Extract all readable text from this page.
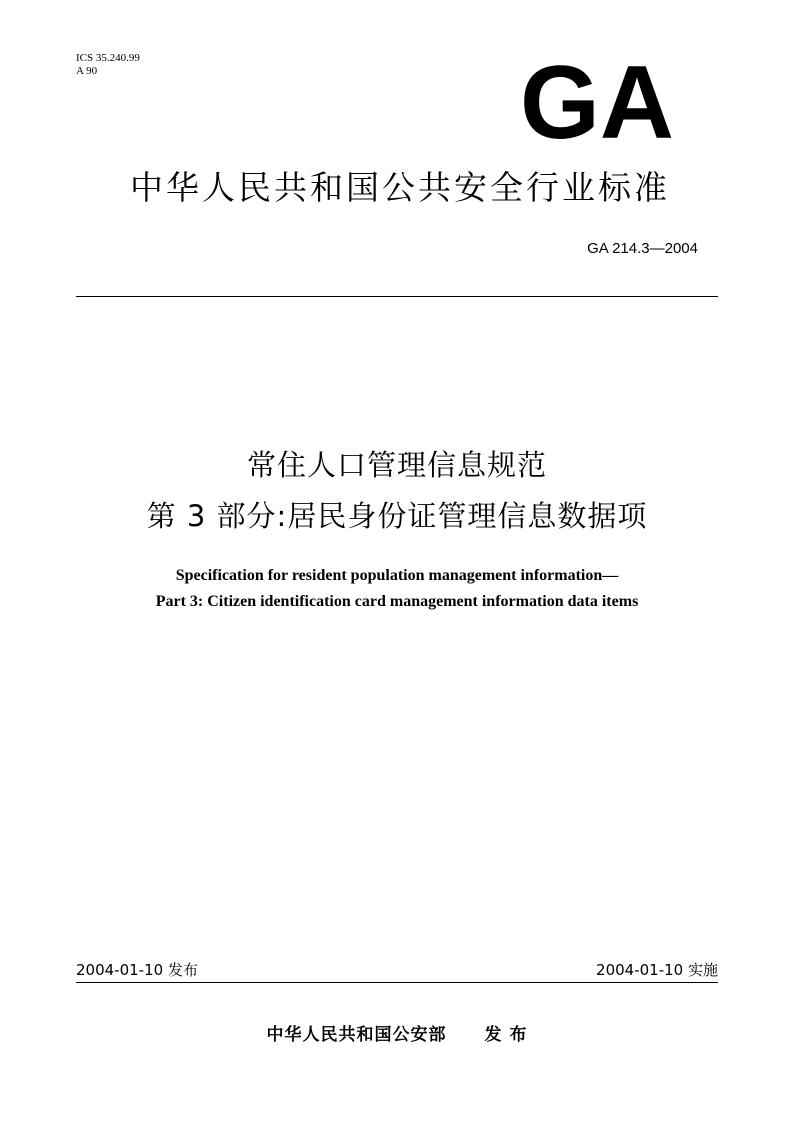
ICS 35.240.99
A 90	GA
中华人民共和国公共安全行业标准
GA 214.3—2004
常住人口管理信息规范
第 3 部分:居民身份证管理信息数据项
Specification for resident population management information—
Part 3: Citizen identification card management information data items
2004-01-10 发布	2004-01-10 实施
中华人民共和国公安部 发 布
